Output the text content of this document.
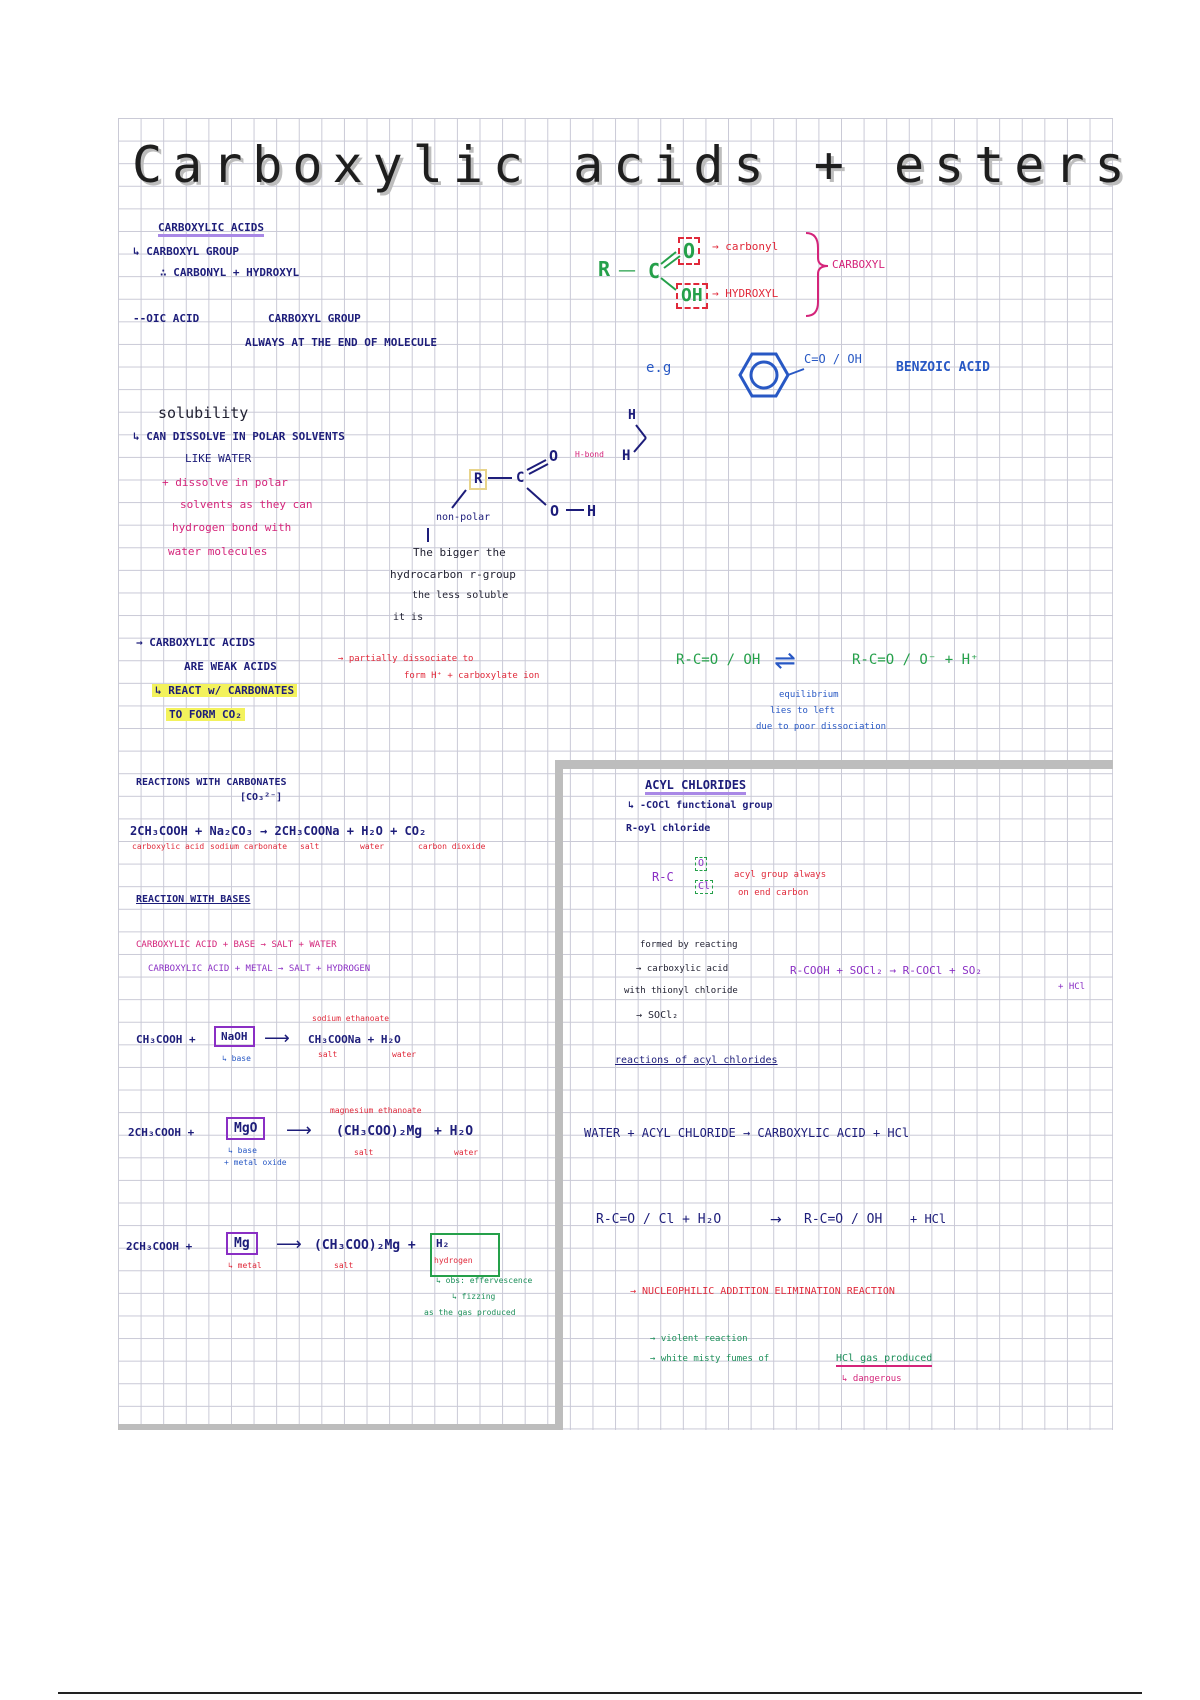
Carboxylic acids + esters
CARBOXYLIC ACIDS
↳ CARBOXYL GROUP
∴ CARBONYL + HYDROXYL
--OIC ACID	CARBOXYL GROUP
ALWAYS AT THE END OF MOLECULE
R — C
O
OH
→ carbonyl
→ HYDROXYL
CARBOXYL
e.g
C=O / OH
BENZOIC ACID
solubility
↳ CAN DISSOLVE IN POLAR SOLVENTS
LIKE WATER
+ dissolve in polar
solvents as they can
hydrogen bond with
water molecules
R	C
O
O H
H
H
H-bond
non-polar
The bigger the
hydrocarbon r-group
the less soluble
it is
→ CARBOXYLIC ACIDS
ARE WEAK ACIDS
→ partially dissociate to
form H⁺ + carboxylate ion
↳ REACT w/ CARBONATES
TO FORM CO₂
R-C=O / OH ⇌	R-C=O / O⁻ + H⁺
equilibrium
lies to left
due to poor dissociation
REACTIONS WITH CARBONATES
[CO₃²⁻]
2CH₃COOH + Na₂CO₃ → 2CH₃COONa + H₂O + CO₂
carboxylic acid sodium carbonate salt	water	carbon dioxide
REACTION WITH BASES
CARBOXYLIC ACID + BASE → SALT + WATER
CARBOXYLIC ACID + METAL → SALT + HYDROGEN
CH₃COOH +	NaOH
↳ base
⟶ CH₃COONa + H₂O
sodium ethanoate
salt	water
2CH₃COOH +	MgO
↳ base
+ metal oxide
⟶ (CH₃COO)₂Mg
magnesium ethanoate
+ H₂O
salt	water
2CH₃COOH +	Mg
↳ metal
⟶ (CH₃COO)₂Mg +
salt
H₂
hydrogen
↳ obs: effervescence
↳ fizzing
as the gas produced
ACYL CHLORIDES
↳ -COCl functional group
R-oyl chloride
R-C
O
Cl
acyl group always
on end carbon
formed by reacting
→ carboxylic acid
with thionyl chloride
→ SOCl₂
R-COOH + SOCl₂ → R-COCl + SO₂
+ HCl
reactions of acyl chlorides
WATER + ACYL CHLORIDE → CARBOXYLIC ACID + HCl
R-C=O / Cl + H₂O	→ R-C=O / OH + HCl
→ NUCLEOPHILIC ADDITION ELIMINATION REACTION
→ violent reaction
→ white misty fumes of	HCl gas produced
↳ dangerous
